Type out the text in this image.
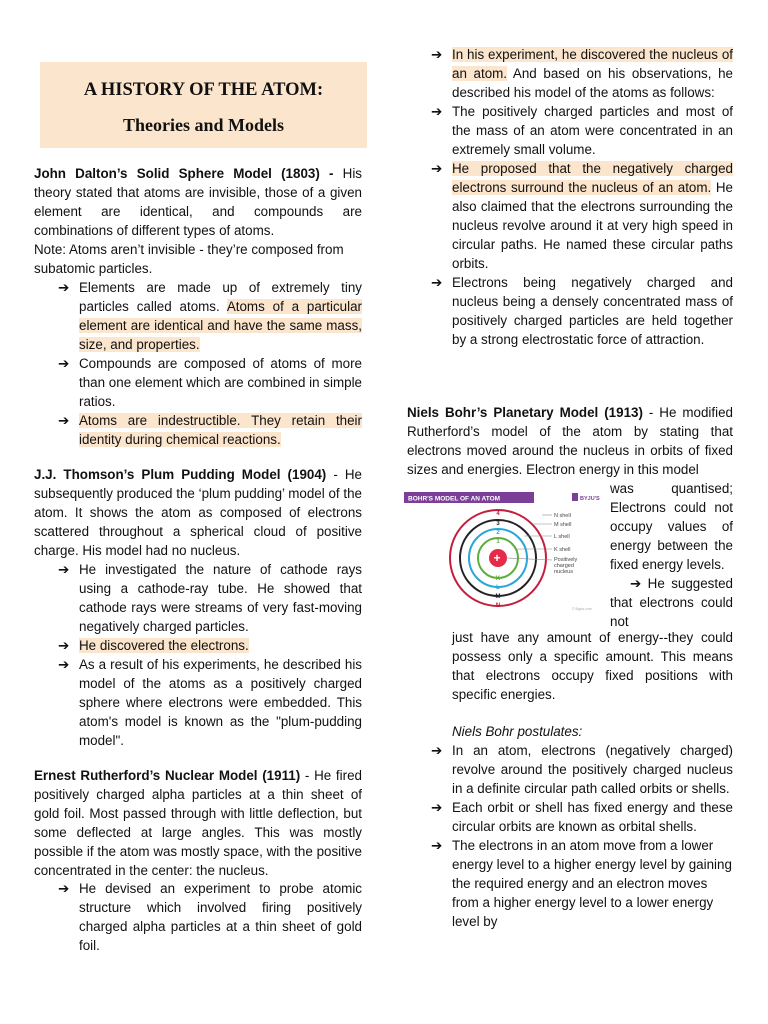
A HISTORY OF THE ATOM:
Theories and Models
John Dalton’s Solid Sphere Model (1803) - His theory stated that atoms are invisible, those of a given element are identical, and compounds are combinations of different types of atoms.
Note: Atoms aren’t invisible - they’re composed from subatomic particles.
➔ Elements are made up of extremely tiny particles called atoms. Atoms of a particular element are identical and have the same mass, size, and properties.
➔ Compounds are composed of atoms of more than one element which are combined in simple ratios.
➔ Atoms are indestructible. They retain their identity during chemical reactions.
J.J. Thomson’s Plum Pudding Model (1904) - He subsequently produced the ‘plum pudding’ model of the atom. It shows the atom as composed of electrons scattered throughout a spherical cloud of positive charge. His model had no nucleus.
➔ He investigated the nature of cathode rays using a cathode-ray tube. He showed that cathode rays were streams of very fast-moving negatively charged particles.
➔ He discovered the electrons.
➔ As a result of his experiments, he described his model of the atoms as a positively charged sphere where electrons were embedded. This atom's model is known as the "plum-pudding model".
Ernest Rutherford’s Nuclear Model (1911) - He fired positively charged alpha particles at a thin sheet of gold foil. Most passed through with little deflection, but some deflected at large angles. This was mostly possible if the atom was mostly space, with the positive concentrated in the center: the nucleus.
➔ He devised an experiment to probe atomic structure which involved firing positively charged alpha particles at a thin sheet of gold foil.
➔ In his experiment, he discovered the nucleus of an atom. And based on his observations, he described his model of the atoms as follows:
➔ The positively charged particles and most of the mass of an atom were concentrated in an extremely small volume.
➔ He proposed that the negatively charged electrons surround the nucleus of an atom. He also claimed that the electrons surrounding the nucleus revolve around it at very high speed in circular paths. He named these circular paths orbits.
➔ Electrons being negatively charged and nucleus being a densely concentrated mass of positively charged particles are held together by a strong electrostatic force of attraction.
Niels Bohr’s Planetary Model (1913) - He modified Rutherford’s model of the atom by stating that electrons moved around the nucleus in orbits of fixed sizes and energies. Electron energy in this model
was quantised; Electrons could not occupy values of energy between the fixed energy levels.
➔ He suggested that electrons could not
just have any amount of energy--they could possess only a specific amount. This means that electrons occupy fixed positions with specific energies.
Niels Bohr postulates:
➔ In an atom, electrons (negatively charged) revolve around the positively charged nucleus in a definite circular path called orbits or shells.
➔ Each orbit or shell has fixed energy and these circular orbits are known as orbital shells.
➔ The electrons in an atom move from a lower energy level to a higher energy level by gaining the required energy and an electron moves from a higher energy level to a lower energy level by
BOHR'S MODEL OF AN ATOM	BYJU'S
+
4
3
2
1
K
L
M
N
N shell
M shell
L shell
K shell
Positively
charged
nucleus
© Byjus.com
